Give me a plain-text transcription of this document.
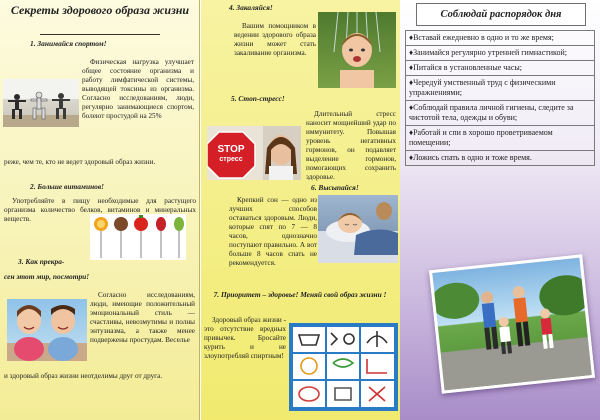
Секреты здорового образа жизни

1. Занимайся спортом!

Физическая нагрузка улучшает общее состояние организма и работу лимфатической системы, выводящей токсины из организма. Согласно исследованиям, люди, регулярно занимающиеся спортом, болеют простудой на 25%

реже, чем те, кто не ведет здоровый образ жизни.

2. Больше витаминов!

Употребляйте в пищу необходимые для растущего организма количество белков, витаминов и минеральных веществ.

3. Как прекра-

сен этот мир, посмотри!

Согласно исследованиям, люди, имеющие положительный эмоциональный стиль — счастливы, невозмутимы и полны энтузиазма, а также менее подвержены простудам. Веселье

и здоровый образ жизни неотделимы друг от друга.

4. Закаляйся!

Вашим помощником в ведении здорового образа жизни может стать закаливание организма.

5. Стоп-стресс!

Длительный стресс наносит мощнейший удар по иммунитету. Повышая уровень негативных гормонов, он подавляет выделение гормонов, помогающих сохранить здоровье.

STOP
стресс

6. Высыпайся!

Крепкий сон — одно из лучших способов оставаться здоровым. Люди, которые спят по 7 — 8 часов, однозначно поступают правильно. А вот больше 8 часов спать не рекомендуется.

7. Приоритет – здоровье! Меняй свой образ жизни !

Здоровый образ жизни - это отсутствие вредных привычек. Бросайте курить и не злоупотребляй спиртным!

Соблюдай распорядок дня

♦Вставай ежедневно в одно и то же время;
♦Занимайся регулярно утренней гимнастикой;
♦Питайся в установленные часы;
♦Чередуй умственный труд с физическими упражнениями;
♦Соблюдай правила личной гигиены, следите за чистотой тела, одежды и обуви;
♦Работай и спи в хорошо проветриваемом помещении;
♦Ложись спать в одно и тоже время.
